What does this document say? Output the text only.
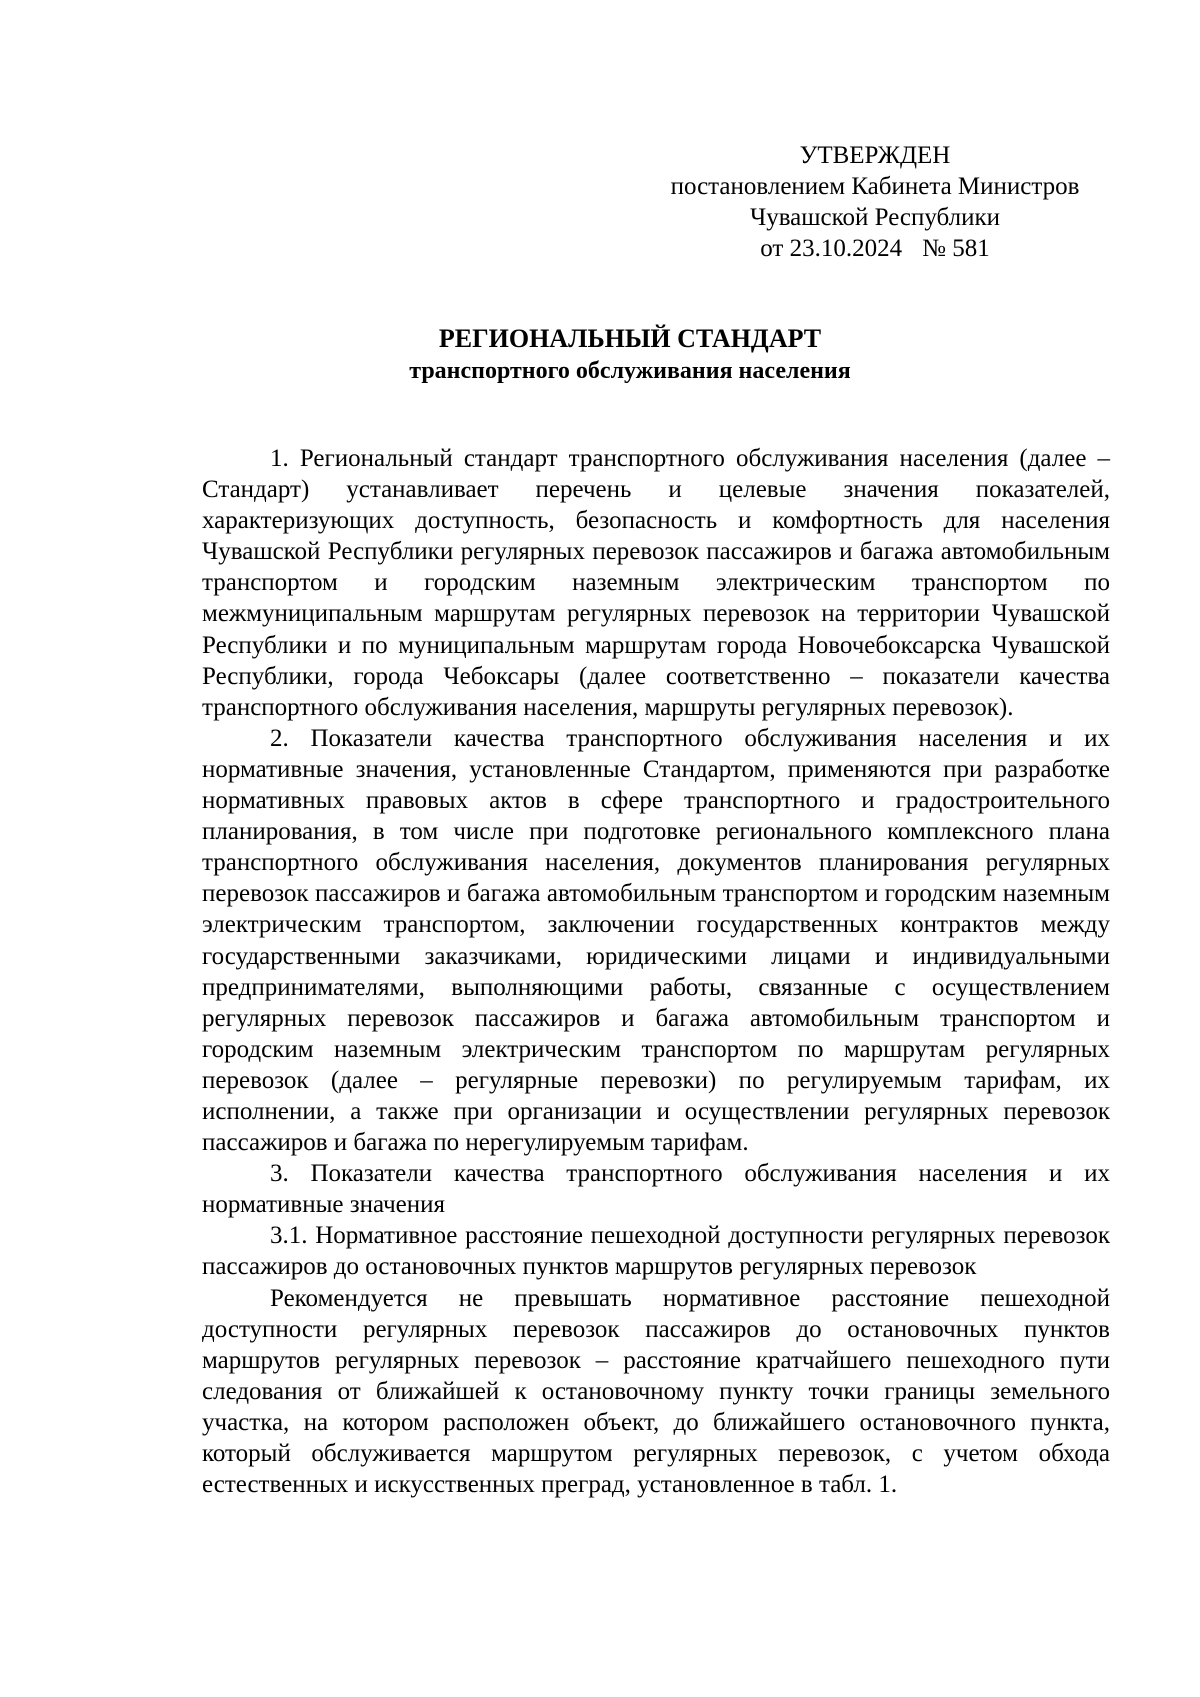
УТВЕРЖДЕН
постановлением Кабинета Министров
Чувашской Республики
от 23.10.2024 № 581
РЕГИОНАЛЬНЫЙ СТАНДАРТ
транспортного обслуживания населения

1. Региональный стандарт транспортного обслуживания населения (далее – Стандарт) устанавливает перечень и целевые значения показателей, характеризующих доступность, безопасность и комфортность для населения Чувашской Республики регулярных перевозок пассажиров и багажа автомобильным транспортом и городским наземным электрическим транспортом по межмуниципальным маршрутам регулярных перевозок на территории Чувашской Республики и по муниципальным маршрутам города Новочебоксарска Чувашской Республики, города Чебоксары (далее соответственно – показатели качества транспортного обслуживания населения, маршруты регулярных перевозок).

2. Показатели качества транспортного обслуживания населения и их нормативные значения, установленные Стандартом, применяются при разработке нормативных правовых актов в сфере транспортного и градостроительного планирования, в том числе при подготовке регионального комплексного плана транспортного обслуживания населения, документов планирования регулярных перевозок пассажиров и багажа автомобильным транспортом и городским наземным электрическим транспортом, заключении государственных контрактов между государственными заказчиками, юридическими лицами и индивидуальными предпринимателями, выполняющими работы, связанные с осуществлением регулярных перевозок пассажиров и багажа автомобильным транспортом и городским наземным электрическим транспортом по маршрутам регулярных перевозок (далее – регулярные перевозки) по регулируемым тарифам, их исполнении, а также при организации и осуществлении регулярных перевозок пассажиров и багажа по нерегулируемым тарифам.

3. Показатели качества транспортного обслуживания населения и их нормативные значения

3.1. Нормативное расстояние пешеходной доступности регулярных перевозок пассажиров до остановочных пунктов маршрутов регулярных перевозок

Рекомендуется не превышать нормативное расстояние пешеходной доступности регулярных перевозок пассажиров до остановочных пунктов маршрутов регулярных перевозок – расстояние кратчайшего пешеходного пути следования от ближайшей к остановочному пункту точки границы земельного участка, на котором расположен объект, до ближайшего остановочного пункта, который обслуживается маршрутом регулярных перевозок, с учетом обхода естественных и искусственных преград, установленное в табл. 1.
